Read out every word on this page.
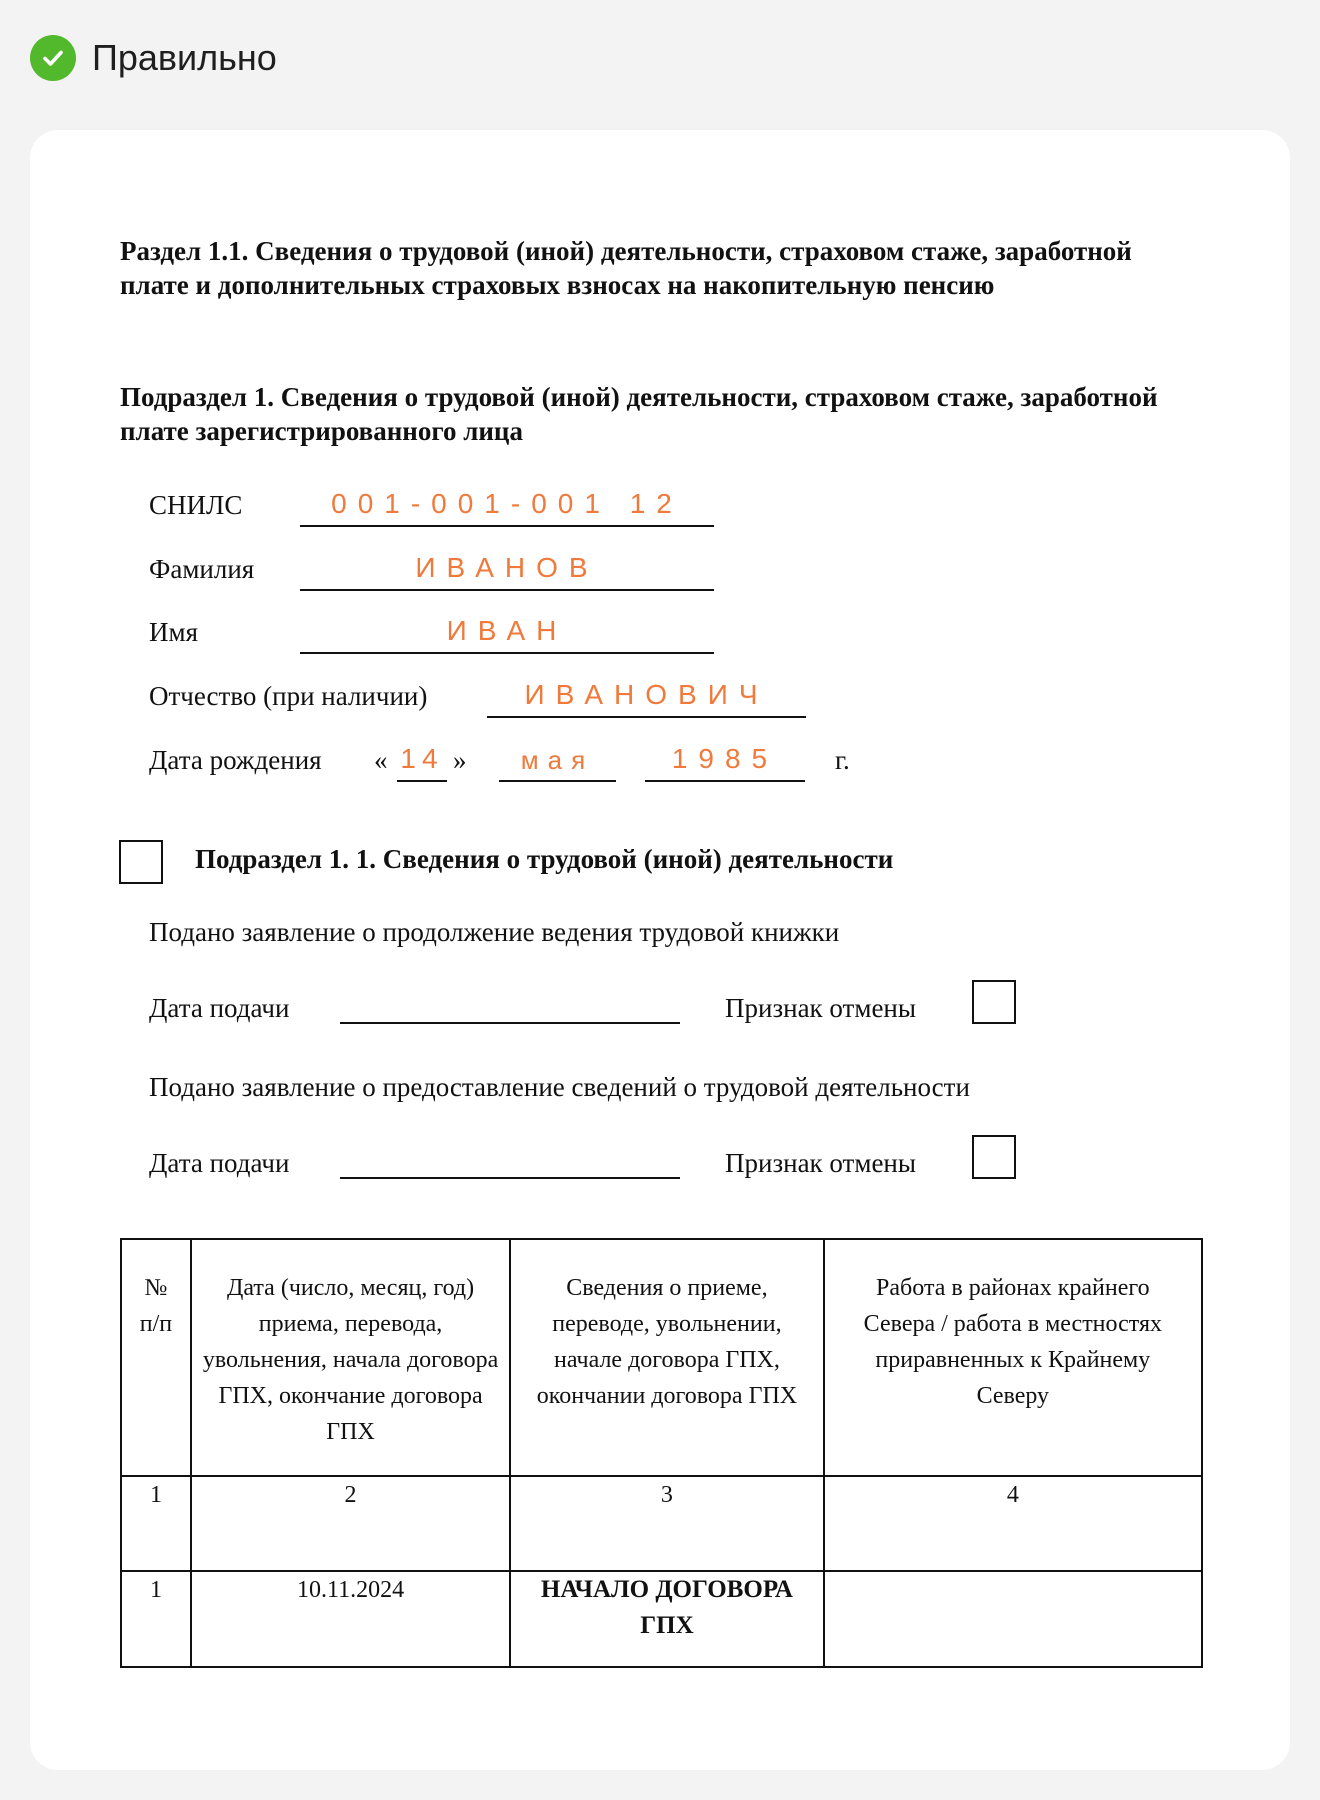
Правильно
Раздел 1.1. Сведения о трудовой (иной) деятельности, страховом стаже, заработной плате и дополнительных страховых взносах на накопительную пенсию
Подраздел 1. Сведения о трудовой (иной) деятельности, страховом стаже, заработной плате зарегистрированного лица
СНИЛС	001-001-001 12
Фамилия	ИВАНОВ
Имя	ИВАН
Отчество (при наличии)	ИВАНОВИЧ
Дата рождения « 14 »	мая	1985	г.
Подраздел 1. 1. Сведения о трудовой (иной) деятельности
Подано заявление о продолжение ведения трудовой книжки
Дата подачи	Признак отмены
Подано заявление о предоставление сведений о трудовой деятельности
Дата подачи	Признак отмены
№ п/п	Дата (число, месяц, год) приема, перевода, увольнения, начала договора ГПХ, окончание договора ГПХ	Сведения о приеме, переводе, увольнении, начале договора ГПХ, окончании договора ГПХ	Работа в районах крайнего Севера / работа в местностях приравненных к Крайнему Северу
1	2	3	4
1	10.11.2024	НАЧАЛО ДОГОВОРА ГПХ	
